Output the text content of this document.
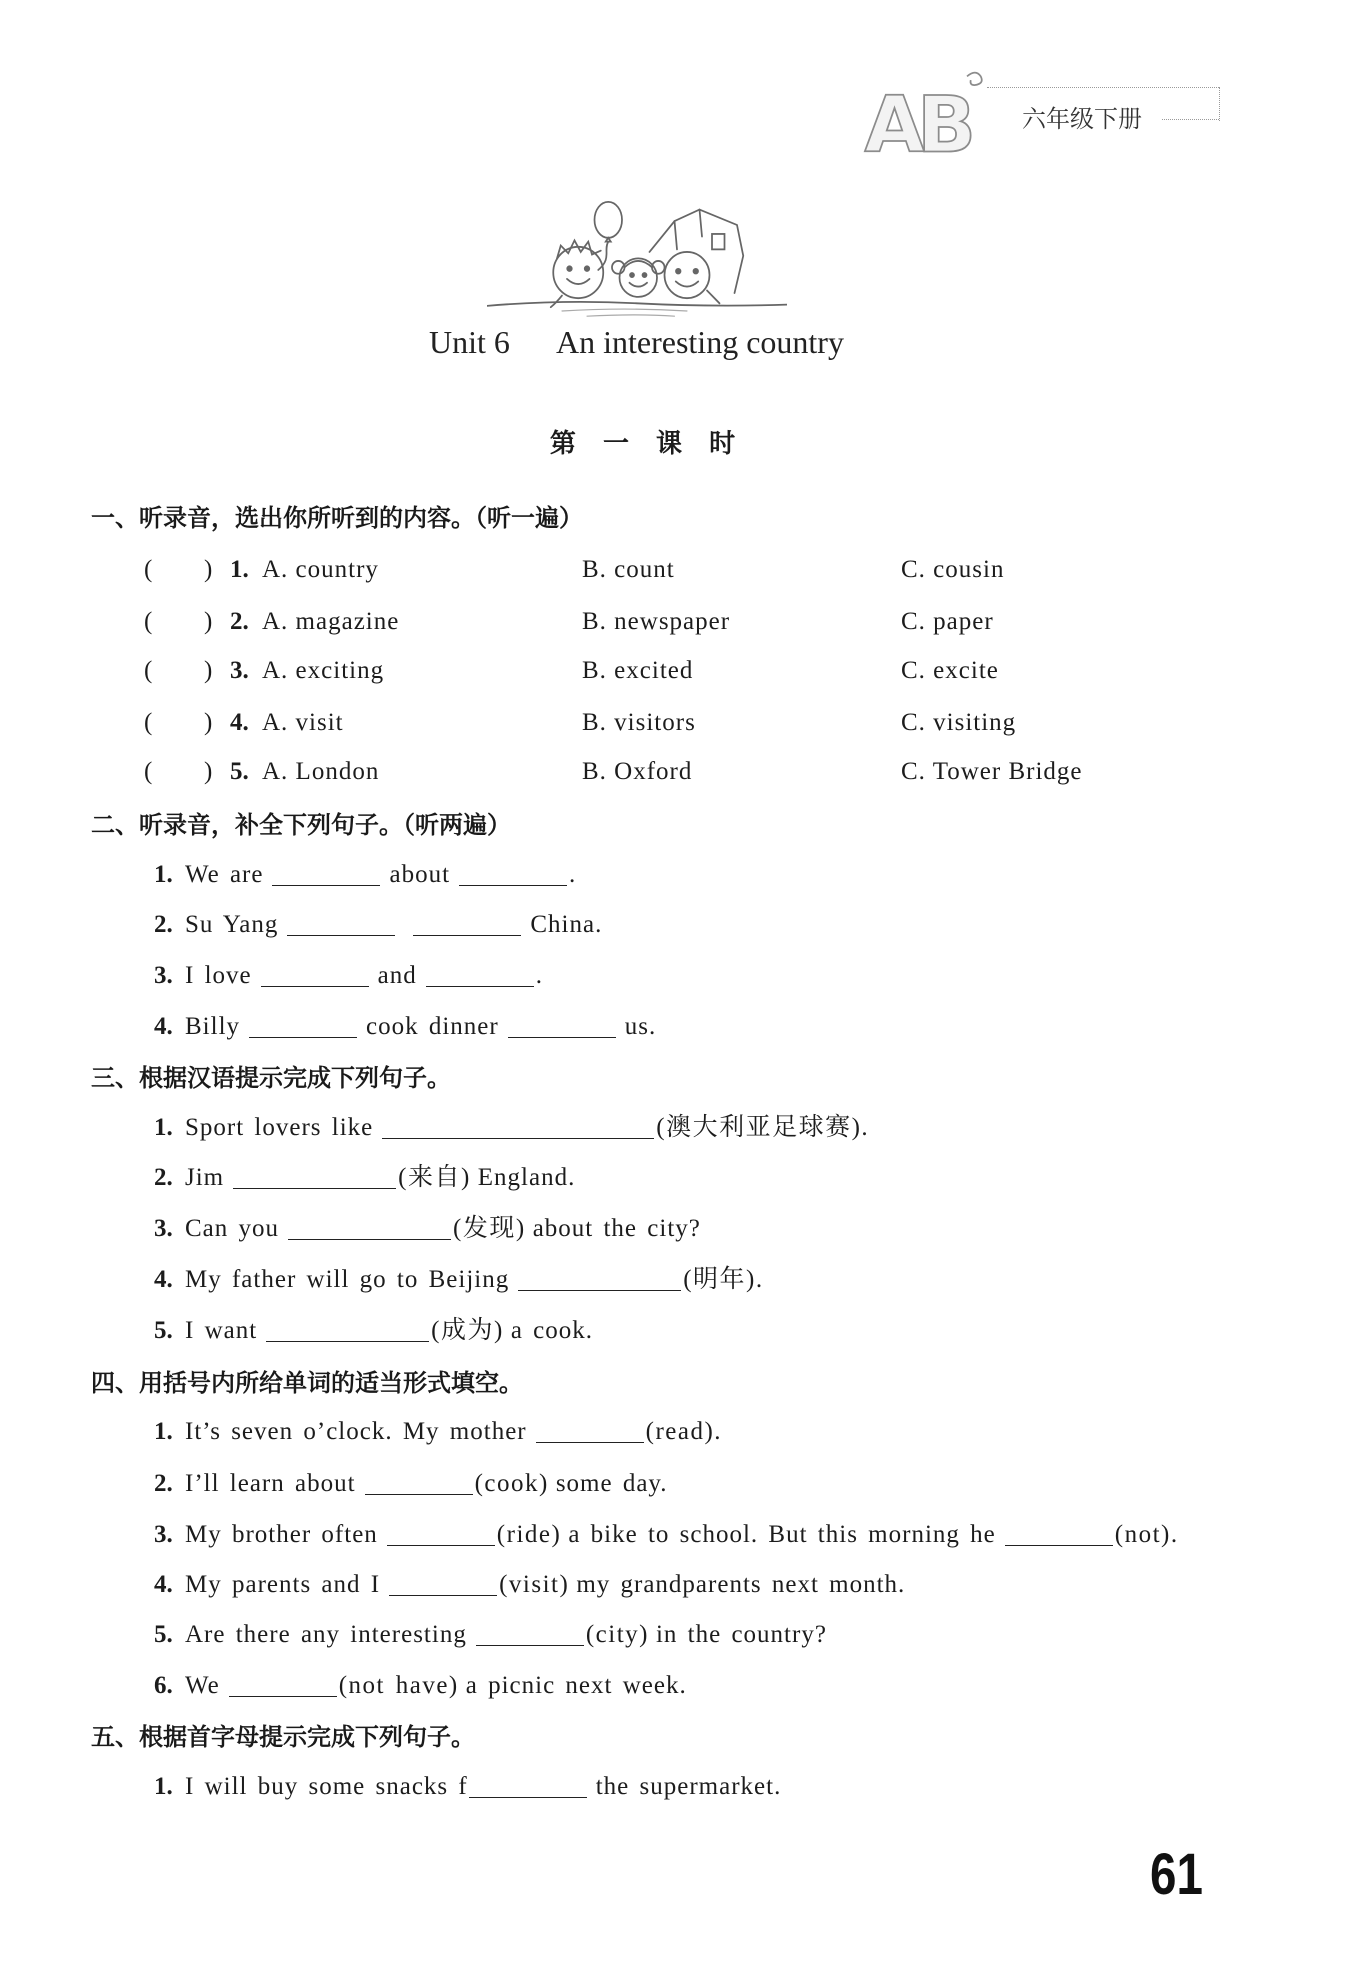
AB 六年级下册
Unit 6 An interesting country
第 一 课 时
一、听录音，选出你所听到的内容。（听一遍）
( ) 1. A. country	B. count	C. cousin
( ) 2. A. magazine	B. newspaper	C. paper
( ) 3. A. exciting	B. excited	C. excite
( ) 4. A. visit	B. visitors	C. visiting
( ) 5. A. London	B. Oxford	C. Tower Bridge
二、听录音，补全下列句子。（听两遍）
1. We are	about	.
2. Su Yang	China.
3. I love	and	.
4. Billy	cook dinner	us.
三、根据汉语提示完成下列句子。
1. Sport lovers like	(澳大利亚足球赛).
2. Jim	(来自) England.
3. Can you	(发现) about the city?
4. My father will go to Beijing	(明年).
5. I want	(成为) a cook.
四、用括号内所给单词的适当形式填空。
1. It’s seven o’clock. My mother	(read).
2. I’ll learn about	(cook) some day.
3. My brother often	(ride) a bike to school. But this morning he	(not).
4. My parents and I	(visit) my grandparents next month.
5. Are there any interesting	(city) in the country?
6. We	(not have) a picnic next week.
五、根据首字母提示完成下列句子。
1. I will buy some snacks f	the supermarket.
61
